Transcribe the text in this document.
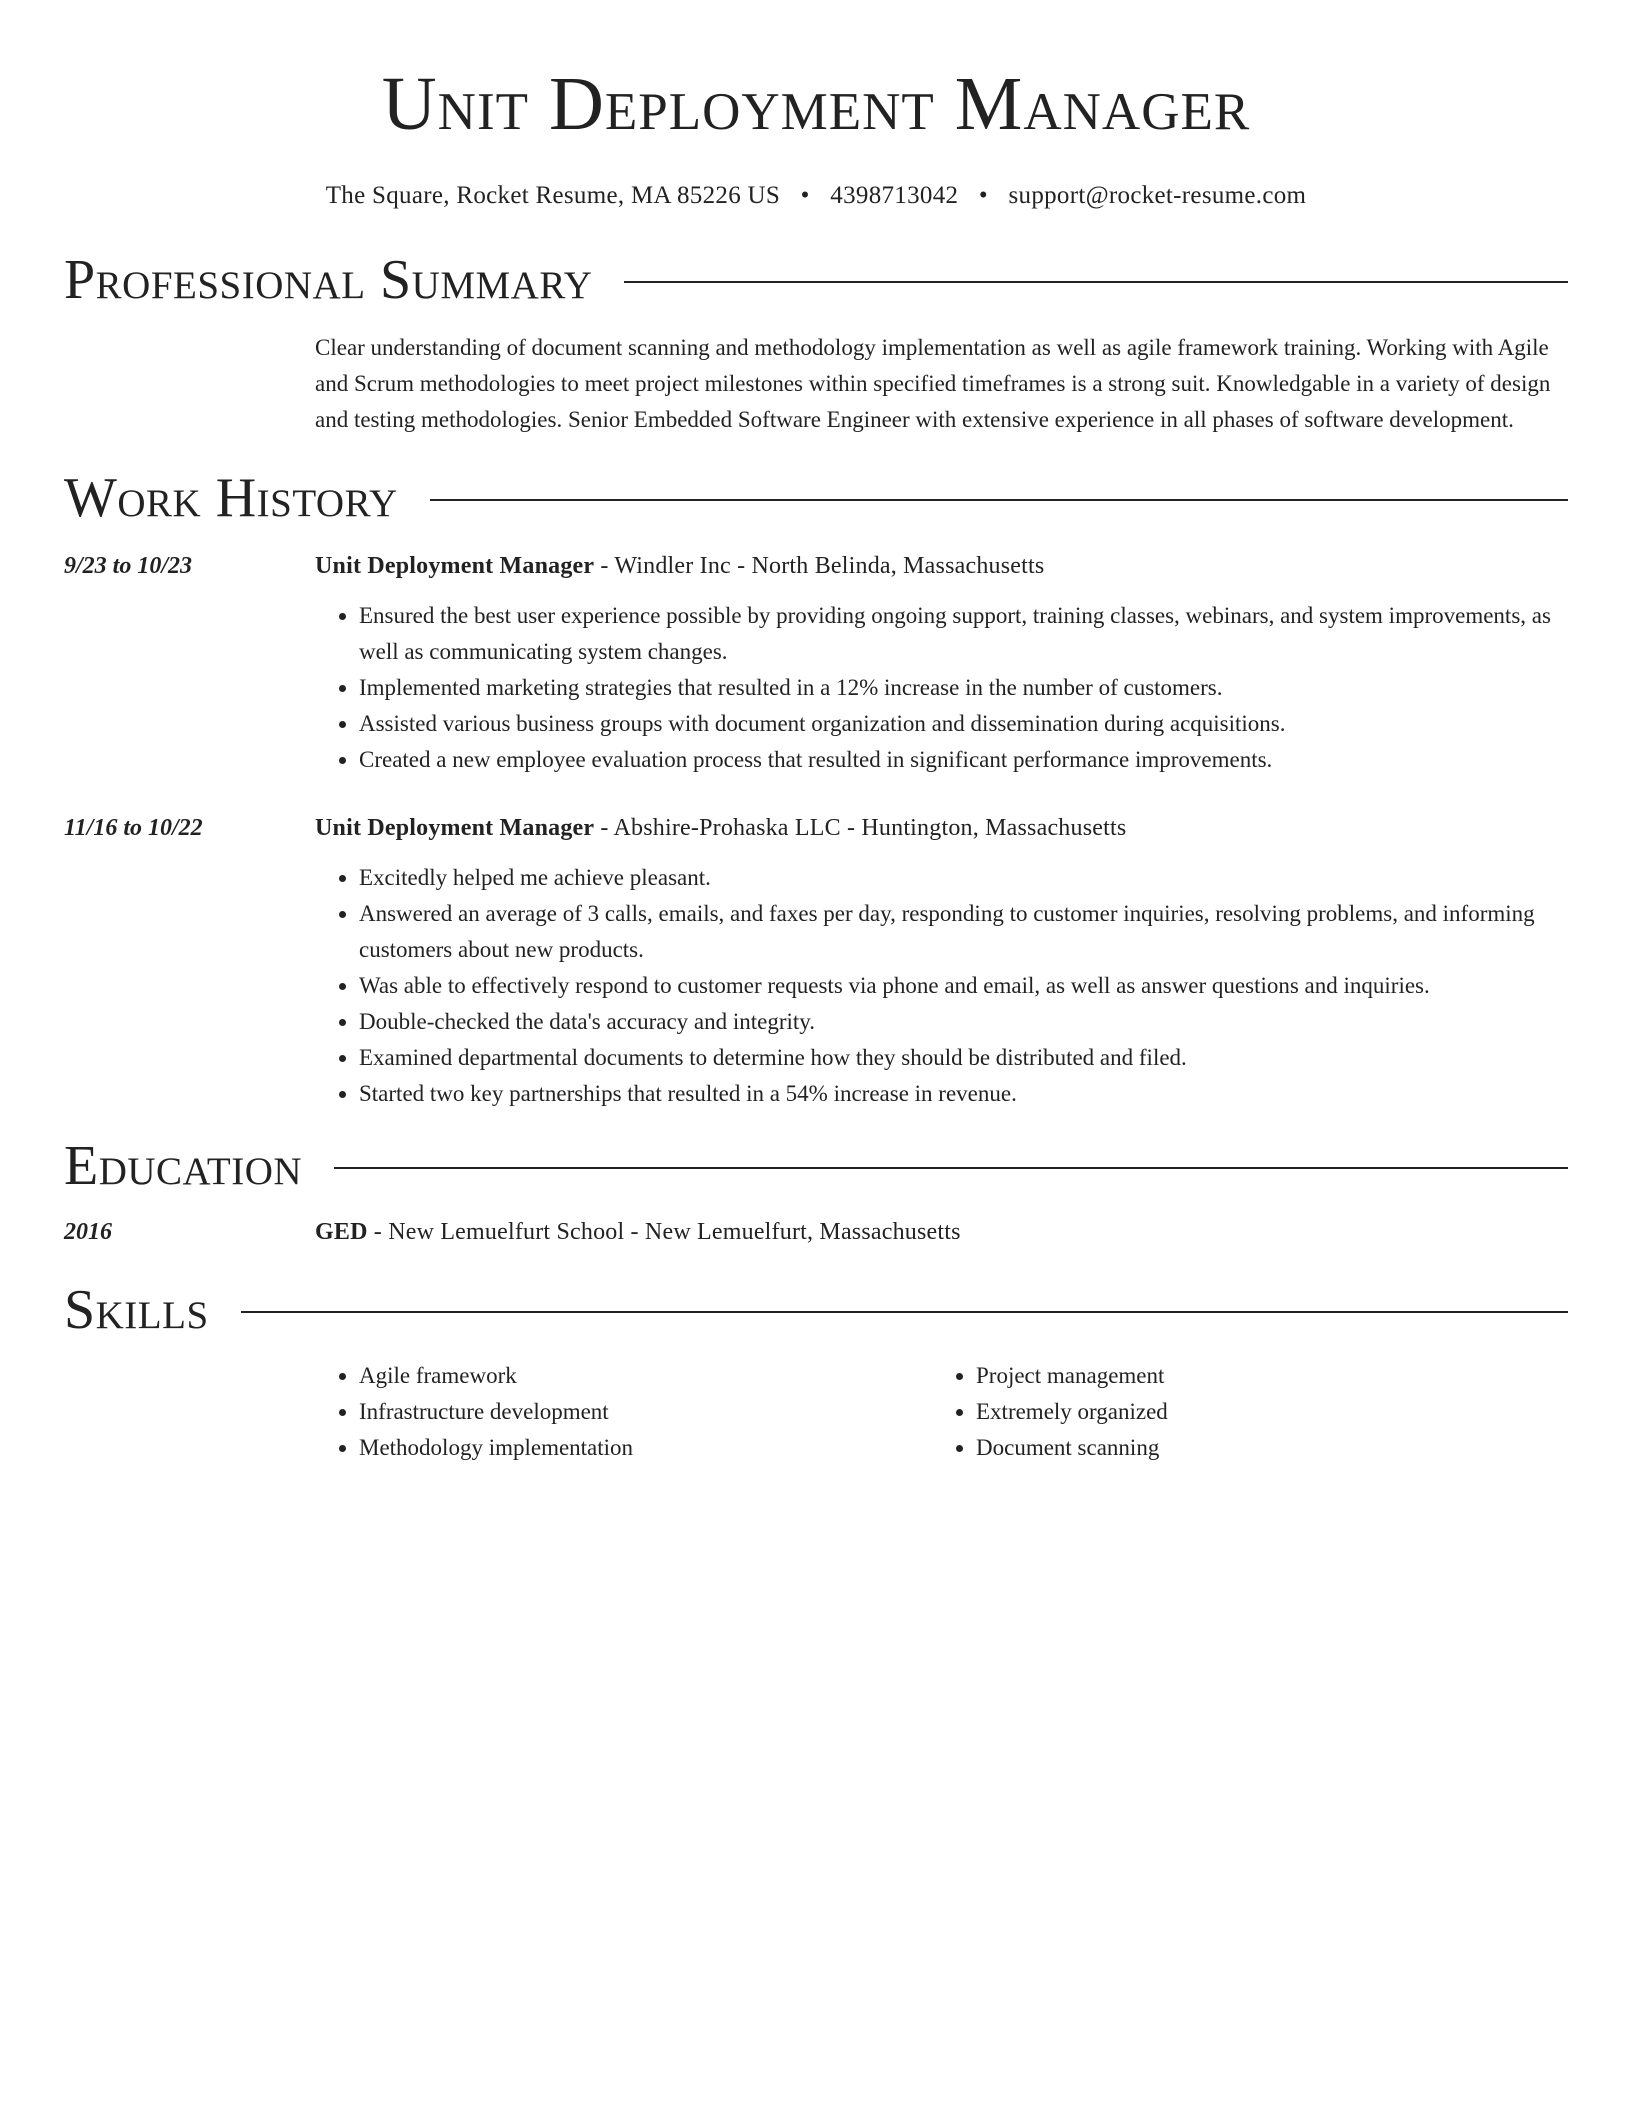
Unit Deployment Manager
The Square, Rocket Resume, MA 85226 US • 4398713042 • support@rocket-resume.com
Professional Summary

Clear understanding of document scanning and methodology implementation as well as agile framework training. Working with Agile and Scrum methodologies to meet project milestones within specified timeframes is a strong suit. Knowledgable in a variety of design and testing methodologies. Senior Embedded Software Engineer with extensive experience in all phases of software development.

Work History
9/23 to 10/23	Unit Deployment Manager - Windler Inc - North Belinda, Massachusetts
• Ensured the best user experience possible by providing ongoing support, training classes, webinars, and system improvements, as well as communicating system changes.
• Implemented marketing strategies that resulted in a 12% increase in the number of customers.
• Assisted various business groups with document organization and dissemination during acquisitions.
• Created a new employee evaluation process that resulted in significant performance improvements.
11/16 to 10/22	Unit Deployment Manager - Abshire-Prohaska LLC - Huntington, Massachusetts
• Excitedly helped me achieve pleasant.
• Answered an average of 3 calls, emails, and faxes per day, responding to customer inquiries, resolving problems, and informing customers about new products.
• Was able to effectively respond to customer requests via phone and email, as well as answer questions and inquiries.
• Double-checked the data's accuracy and integrity.
• Examined departmental documents to determine how they should be distributed and filed.
• Started two key partnerships that resulted in a 54% increase in revenue.
Education
2016	GED - New Lemuelfurt School - New Lemuelfurt, Massachusetts
Skills
• Agile framework
• Infrastructure development
• Methodology implementation
• Project management
• Extremely organized
• Document scanning
